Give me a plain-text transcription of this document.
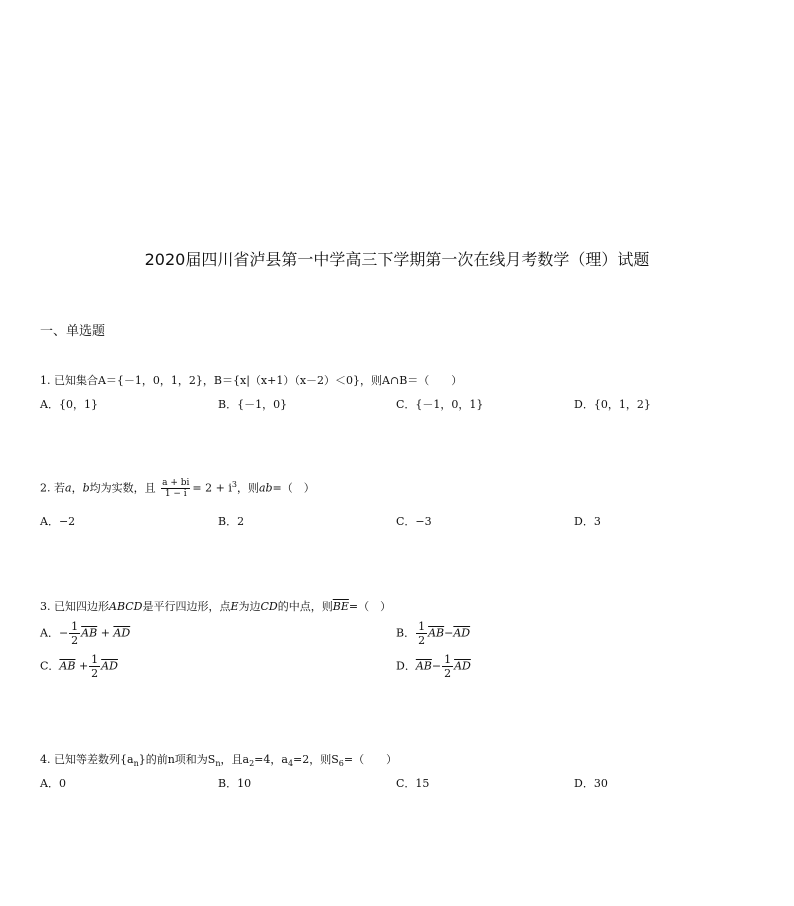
2020届四川省泸县第一中学高三下学期第一次在线月考数学（理）试题
一、单选题
1. 已知集合A＝{－1，0，1，2}，B＝{x|（x+1）（x－2）＜0}，则A∩B＝（　　）
A．{0，1}	B．{－1，0}	C．{－1，0，1}	D．{0，1，2}
2. 若a，b均为实数，且 $\frac{a + bi}{1 - i} = 2 + i^3$，则ab=（　）
A．−2	B．2	C．−3	D．3
3. 已知四边形ABCD是平行四边形，点E为边CD的中点，则$\overline{BE}=$（　）
A．− $\frac{1}{2} \overline{AB} + \overline{AD}$	B． $\frac{1}{2} \overline{AB}-\overline{AD}$
C．$\overline{AB} + \frac{1}{2} \overline{AD}$	D．$\overline{AB}- \frac{1}{2} \overline{AD}$
4. 已知等差数列$\{a_n\}$的前n项和为$S_n$，且$a_2=4$，$a_4=2$，则$S_6=$（　　）
A．0	B．10	C．15	D．30
